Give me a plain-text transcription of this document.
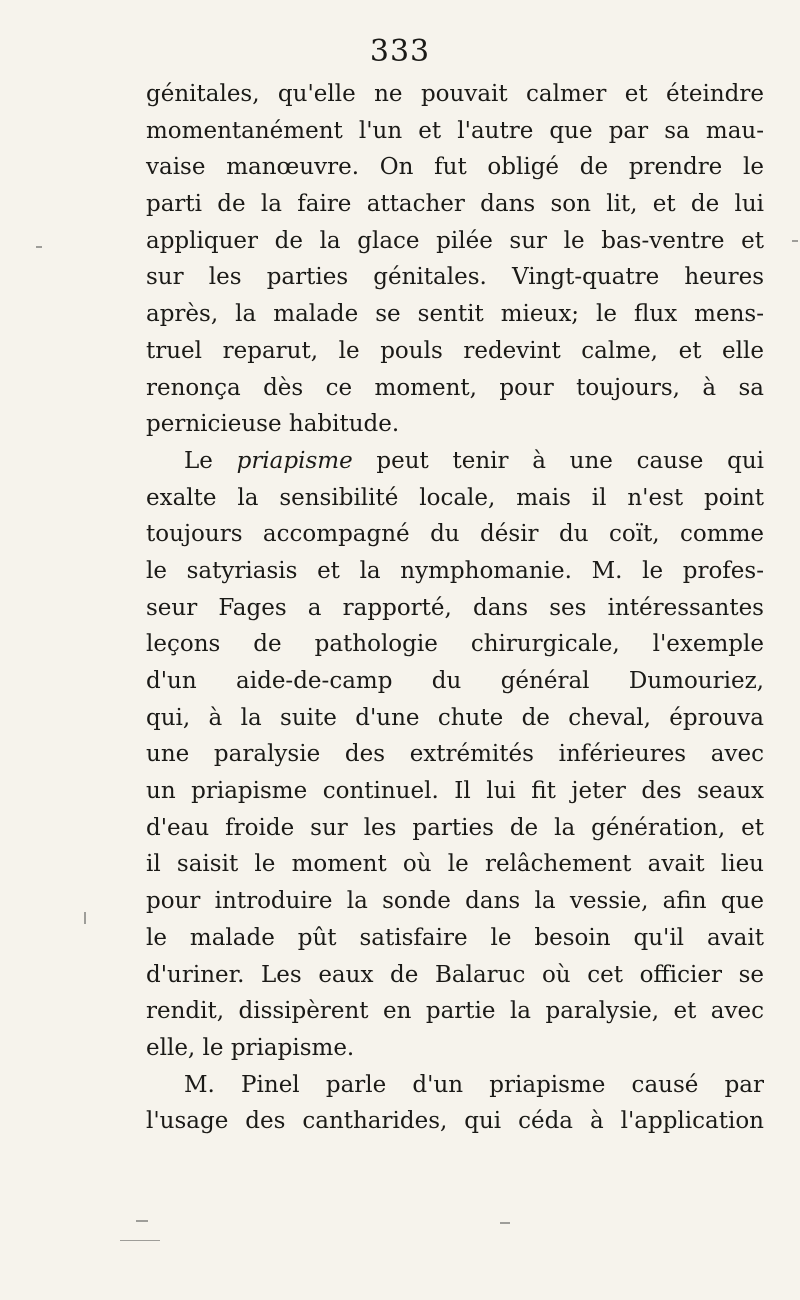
333
génitales, qu'elle ne pouvait calmer et éteindre
momentanément l'un et l'autre que par sa mau-
vaise manœuvre. On fut obligé de prendre le
parti de la faire attacher dans son lit, et de lui
appliquer de la glace pilée sur le bas-ventre et
sur les parties génitales. Vingt-quatre heures
après, la malade se sentit mieux; le flux mens-
truel reparut, le pouls redevint calme, et elle
renonça dès ce moment, pour toujours, à sa
pernicieuse habitude.
Le priapisme peut tenir à une cause qui
exalte la sensibilité locale, mais il n'est point
toujours accompagné du désir du coït, comme
le satyriasis et la nymphomanie. M. le profes-
seur Fages a rapporté, dans ses intéressantes
leçons de pathologie chirurgicale, l'exemple
d'un aide-de-camp du général Dumouriez,
qui, à la suite d'une chute de cheval, éprouva
une paralysie des extrémités inférieures avec
un priapisme continuel. Il lui fit jeter des seaux
d'eau froide sur les parties de la génération, et
il saisit le moment où le relâchement avait lieu
pour introduire la sonde dans la vessie, afin que
le malade pût satisfaire le besoin qu'il avait
d'uriner. Les eaux de Balaruc où cet officier se
rendit, dissipèrent en partie la paralysie, et avec
elle, le priapisme.
M. Pinel parle d'un priapisme causé par
l'usage des cantharides, qui céda à l'application
